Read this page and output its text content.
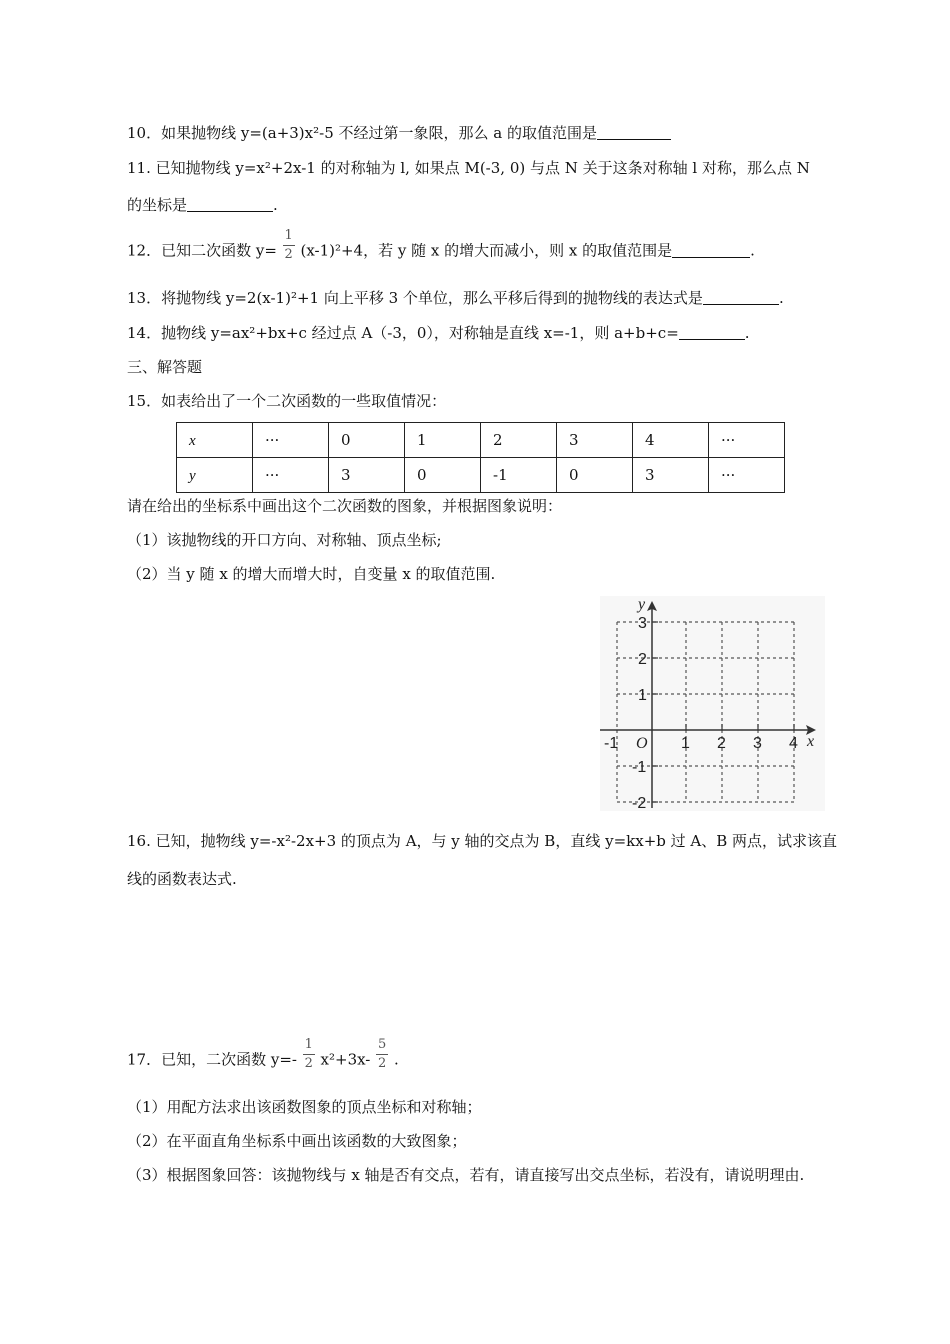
10．如果抛物线 y=(a+3)x²-5 不经过第一象限，那么 a 的取值范围是
11. 已知抛物线 y=x²+2x-1 的对称轴为 l, 如果点 M(-3, 0) 与点 N 关于这条对称轴 l 对称，那么点 N
的坐标是	.
12．已知二次函数 $y= \frac{1}{2} (x-1)^2+4$，若 y 随 x 的增大而减小，则 x 的取值范围是	.
13．将抛物线 y=2(x-1)²+1 向上平移 3 个单位，那么平移后得到的抛物线的表达式是	.
14．抛物线 y=ax²+bx+c 经过点 A（-3，0），对称轴是直线 x=-1，则 a+b+c=	.
三、解答题
15．如表给出了一个二次函数的一些取值情况：
x	···	0	1	2	3	4	···
y	···	3	0	-1	0	3	···
请在给出的坐标系中画出这个二次函数的图象，并根据图象说明：
（1）该抛物线的开口方向、对称轴、顶点坐标;
（2）当 y 随 x 的增大而增大时，自变量 x 的取值范围.
3
2
1
-1
-2
-1	1 2 3 4
O	x
y
16. 已知，抛物线 y=-x²-2x+3 的顶点为 A，与 y 轴的交点为 B，直线 y=kx+b 过 A、B 两点，试求该直
线的函数表达式.
17．已知，二次函数 $y=- \frac{1}{2} x^2+3x- \frac{5}{2}$ .
（1）用配方法求出该函数图象的顶点坐标和对称轴；
（2）在平面直角坐标系中画出该函数的大致图象；
（3）根据图象回答：该抛物线与 x 轴是否有交点，若有，请直接写出交点坐标，若没有，请说明理由.
